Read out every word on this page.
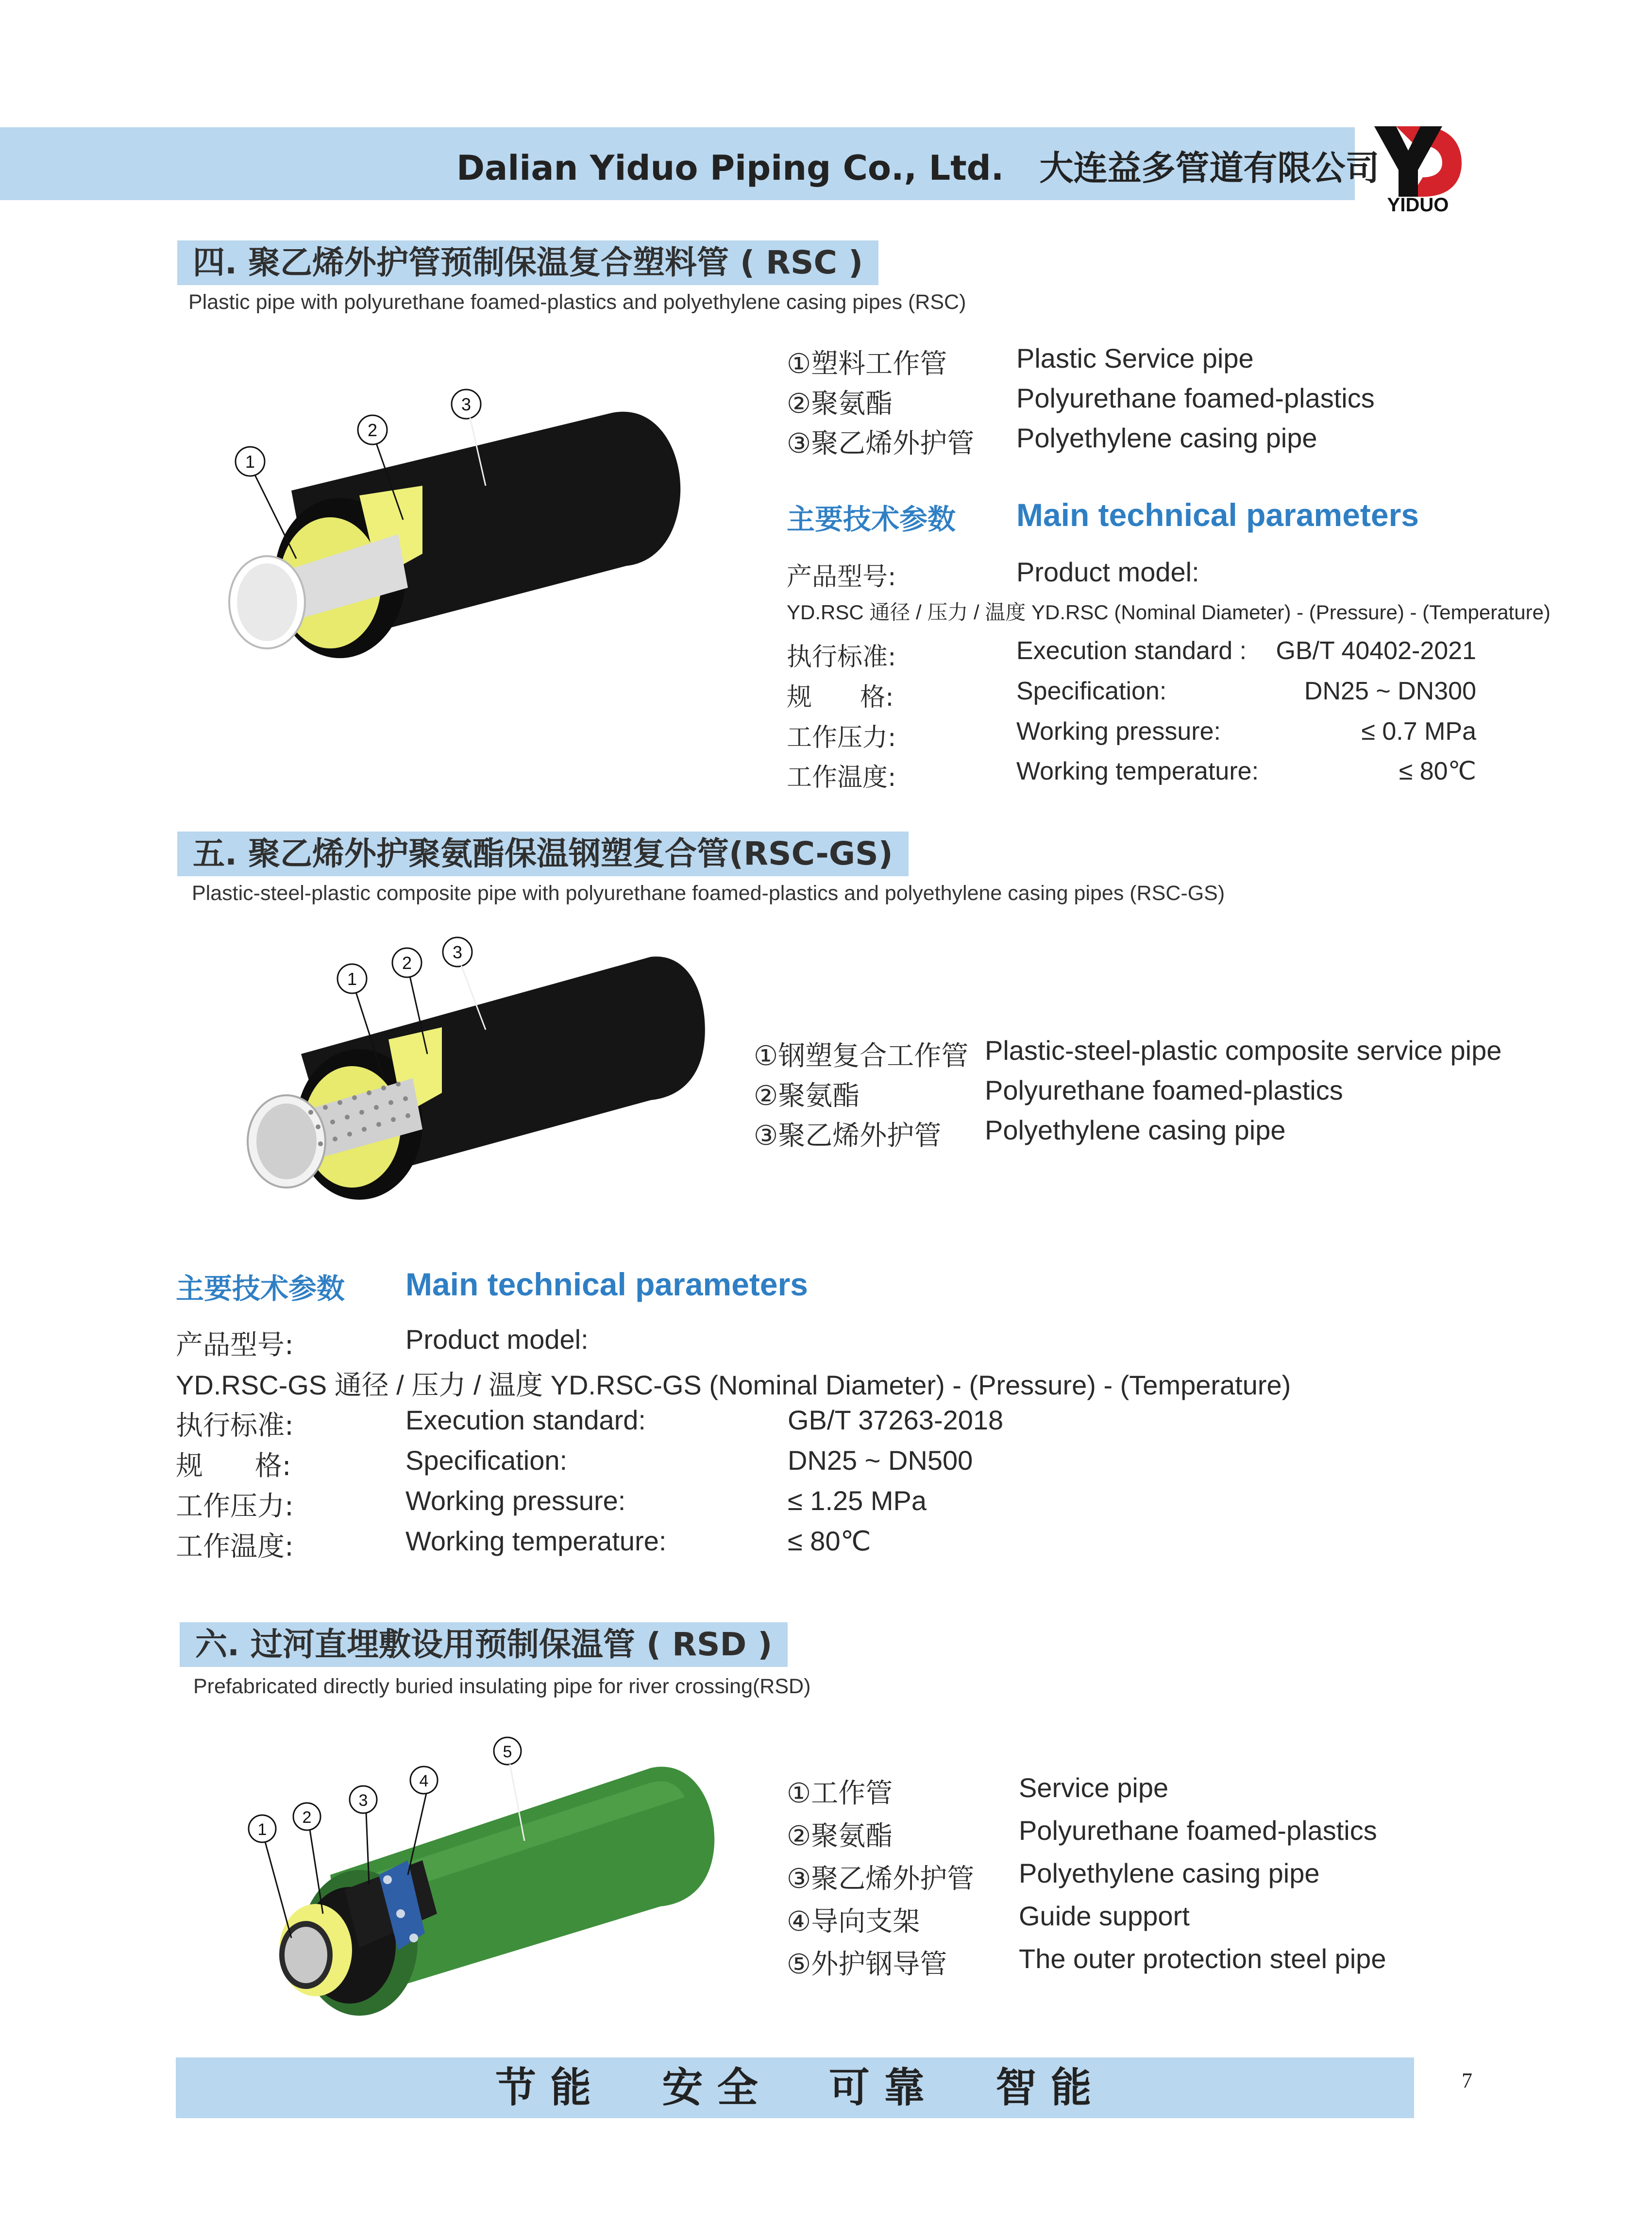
Dalian Yiduo Piping Co., Ltd.   大连益多管道有限公司
YIDUO
四. 聚乙烯外护管预制保温复合塑料管 ( RSC )
Plastic pipe with polyurethane foamed-plastics and polyethylene casing pipes (RSC)
1
2
3
①塑料工作管	Plastic Service pipe
②聚氨酯	Polyurethane foamed-plastics
③聚乙烯外护管 Polyethylene casing pipe
主要技术参数 Main technical parameters
产品型号:	Product model:
YD.RSC 通径 / 压力 / 温度 YD.RSC (Nominal Diameter) - (Pressure) - (Temperature)
执行标准:	Execution standard :	GB/T 40402-2021
规      格:	Specification:	DN25 ~ DN300
工作压力:	Working pressure:	≤ 0.7 MPa
工作温度:	Working temperature:	≤ 80℃
五. 聚乙烯外护聚氨酯保温钢塑复合管(RSC-GS)
Plastic-steel-plastic composite pipe with polyurethane foamed-plastics and polyethylene casing pipes (RSC-GS)
1
2
3
①钢塑复合工作管 Plastic-steel-plastic composite service pipe
②聚氨酯	Polyurethane foamed-plastics
③聚乙烯外护管 Polyethylene casing pipe
主要技术参数 Main technical parameters
产品型号:	Product model:
YD.RSC-GS 通径 / 压力 / 温度 YD.RSC-GS (Nominal Diameter) - (Pressure) - (Temperature)
执行标准:	Execution standard:	GB/T 37263-2018
规      格:	Specification:	DN25 ~ DN500
工作压力:	Working pressure:	≤ 1.25 MPa
工作温度:	Working temperature:	≤ 80℃
六. 过河直埋敷设用预制保温管 ( RSD )
Prefabricated directly buried insulating pipe for river crossing(RSD)
1
2
3
4
5
①工作管	Service pipe
②聚氨酯	Polyurethane foamed-plastics
③聚乙烯外护管 Polyethylene casing pipe
④导向支架	Guide support
⑤外护钢导管	The outer protection steel pipe
节 能     安 全     可 靠     智 能	7
